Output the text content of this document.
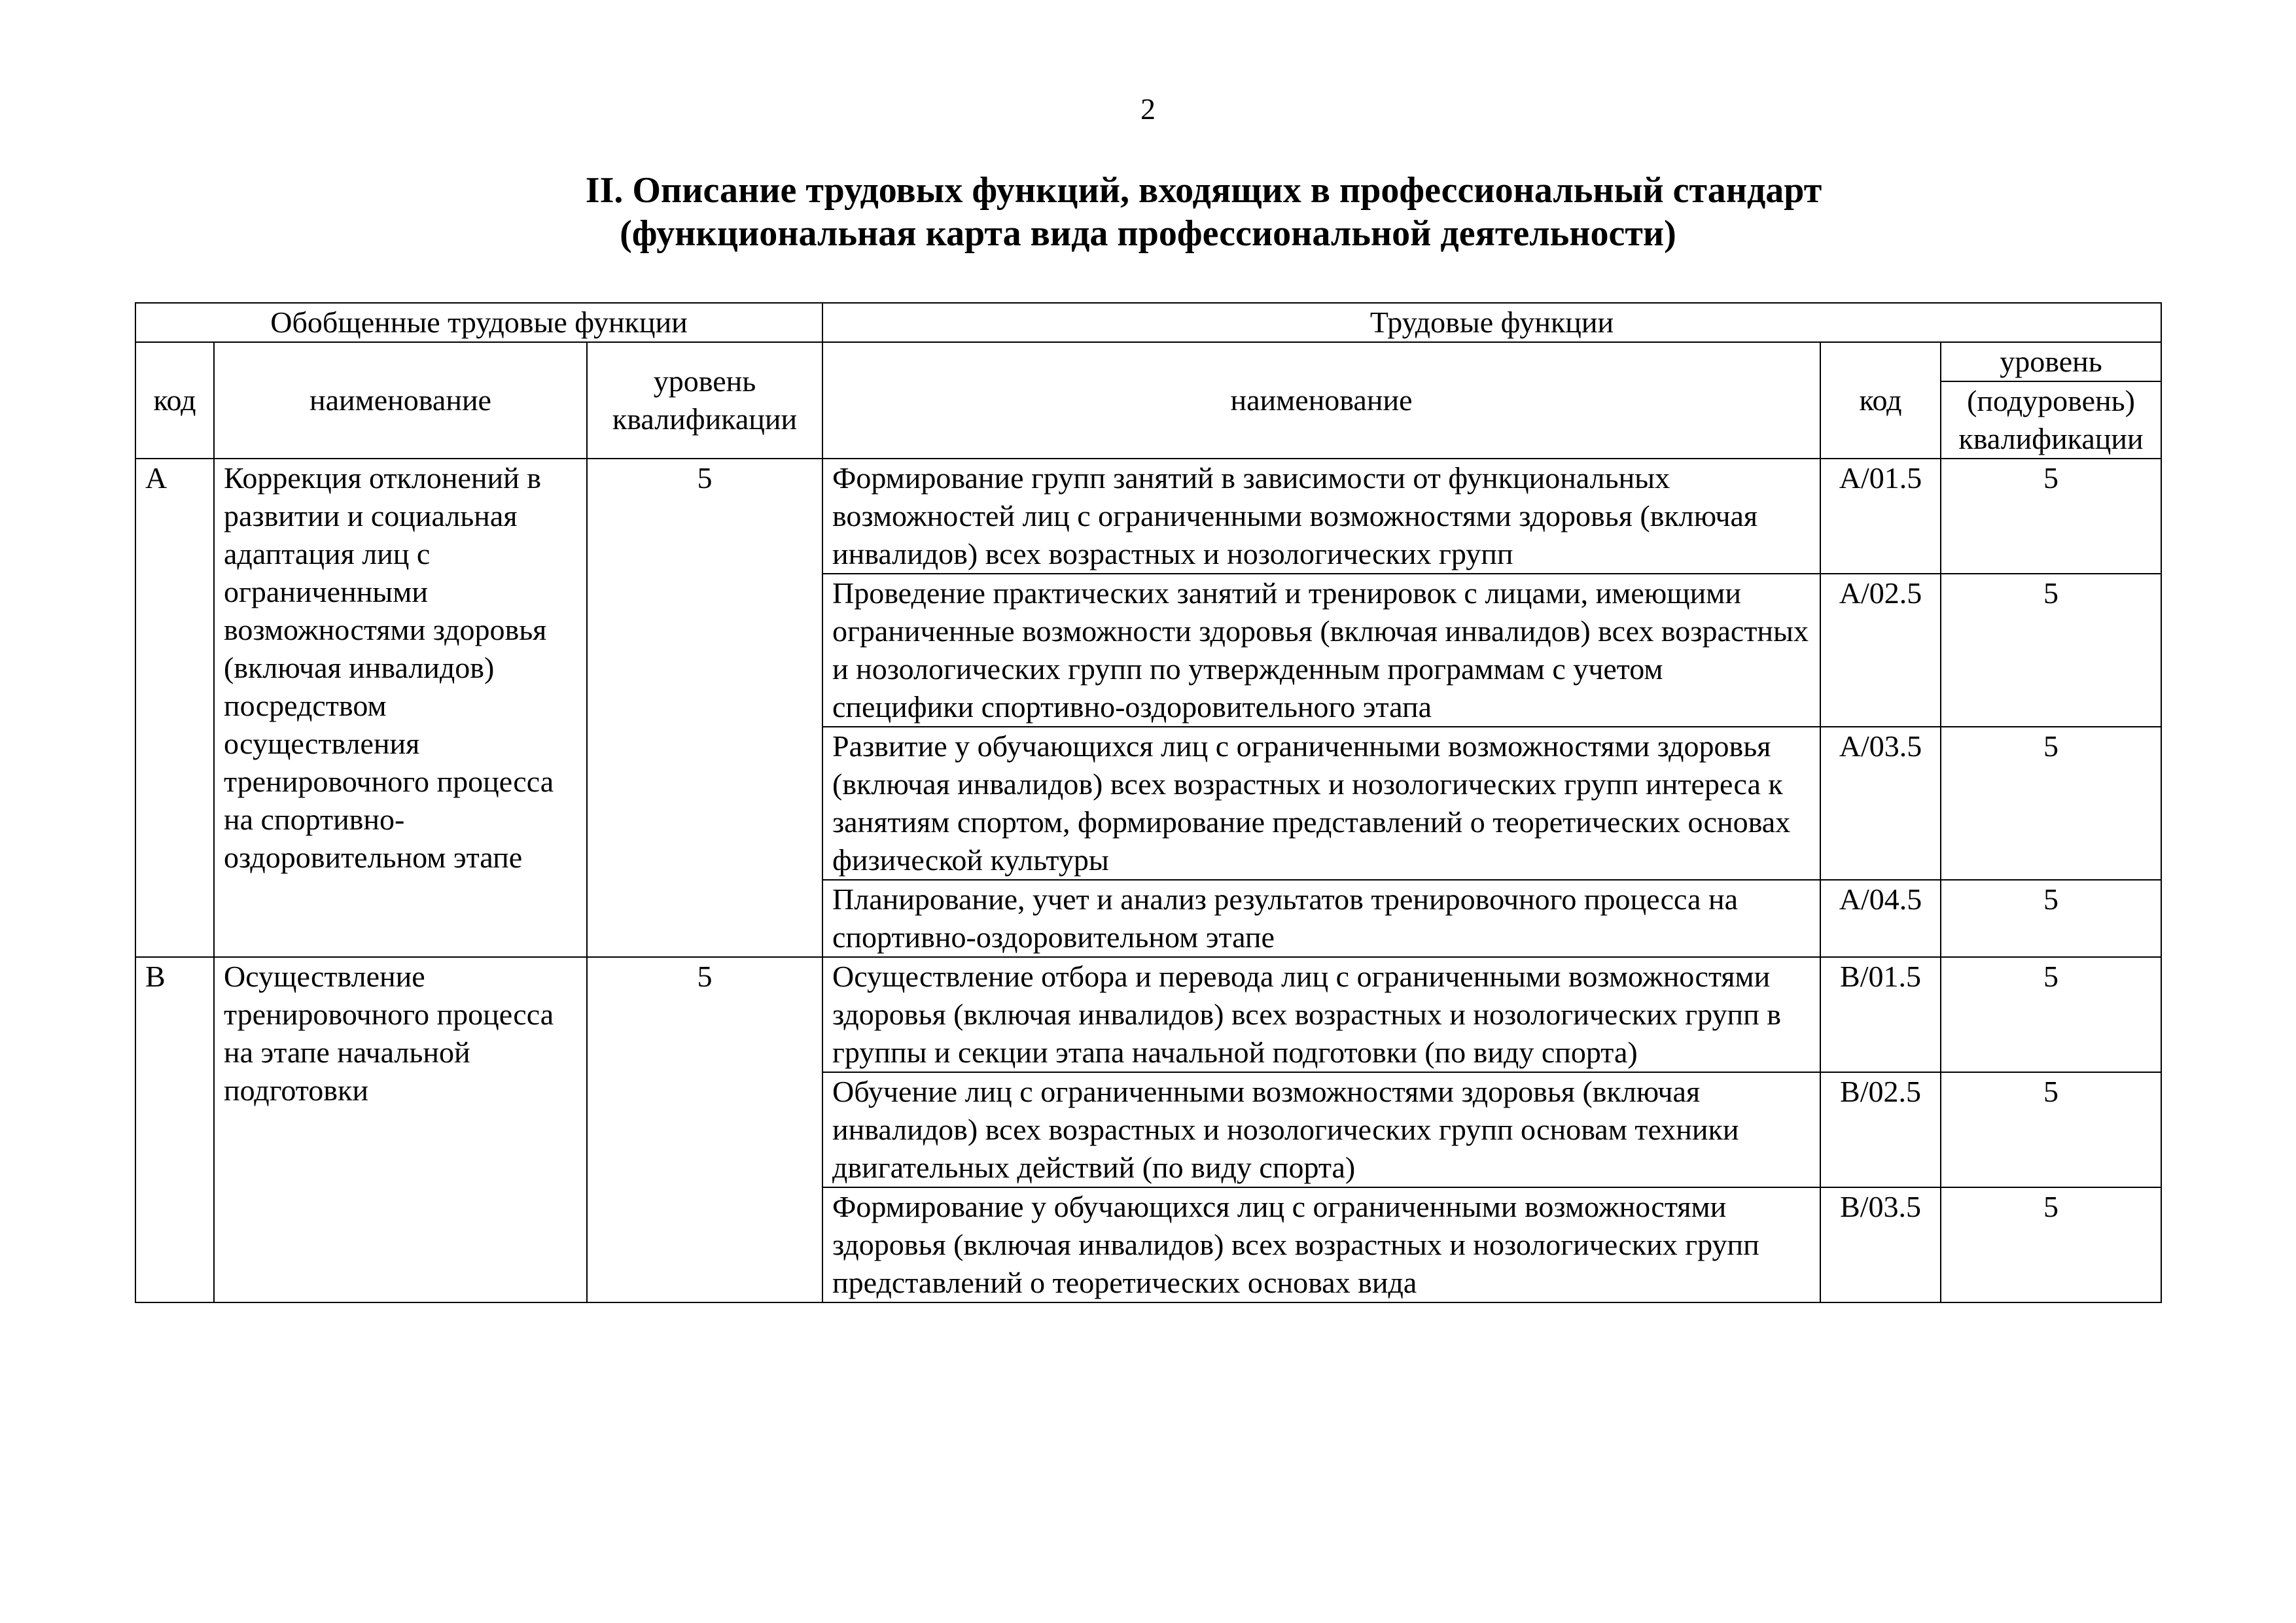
2
II. Описание трудовых функций, входящих в профессиональный стандарт
(функциональная карта вида профессиональной деятельности)
Обобщенные трудовые функции			Трудовые функции		
код	наименование	уровень квалификации	наименование	код	уровень
					(подуровень) квалификации
A	Коррекция отклонений в развитии и социальная адаптация лиц с ограниченными возможностями здоровья (включая инвалидов) посредством осуществления тренировочного процесса на спортивно-оздоровительном этапе	5	Формирование групп занятий в зависимости от функциональных возможностей лиц с ограниченными возможностями здоровья (включая инвалидов) всех возрастных и нозологических групп	A/01.5	5
			Проведение практических занятий и тренировок с лицами, имеющими ограниченные возможности здоровья (включая инвалидов) всех возрастных и нозологических групп по утвержденным программам с учетом специфики спортивно-оздоровительного этапа	A/02.5	5
			Развитие у обучающихся лиц с ограниченными возможностями здоровья (включая инвалидов) всех возрастных и нозологических групп интереса к занятиям спортом, формирование представлений о теоретических основах физической культуры	A/03.5	5
			Планирование, учет и анализ результатов тренировочного процесса на спортивно-оздоровительном этапе	A/04.5	5
B	Осуществление тренировочного процесса на этапе начальной подготовки	5	Осуществление отбора и перевода лиц с ограниченными возможностями здоровья (включая инвалидов) всех возрастных и нозологических групп в группы и секции этапа начальной подготовки (по виду спорта)	B/01.5	5
			Обучение лиц с ограниченными возможностями здоровья (включая инвалидов) всех возрастных и нозологических групп основам техники двигательных действий (по виду спорта)	B/02.5	5
			Формирование у обучающихся лиц с ограниченными возможностями здоровья (включая инвалидов) всех возрастных и нозологических групп представлений о теоретических основах вида	B/03.5	5
